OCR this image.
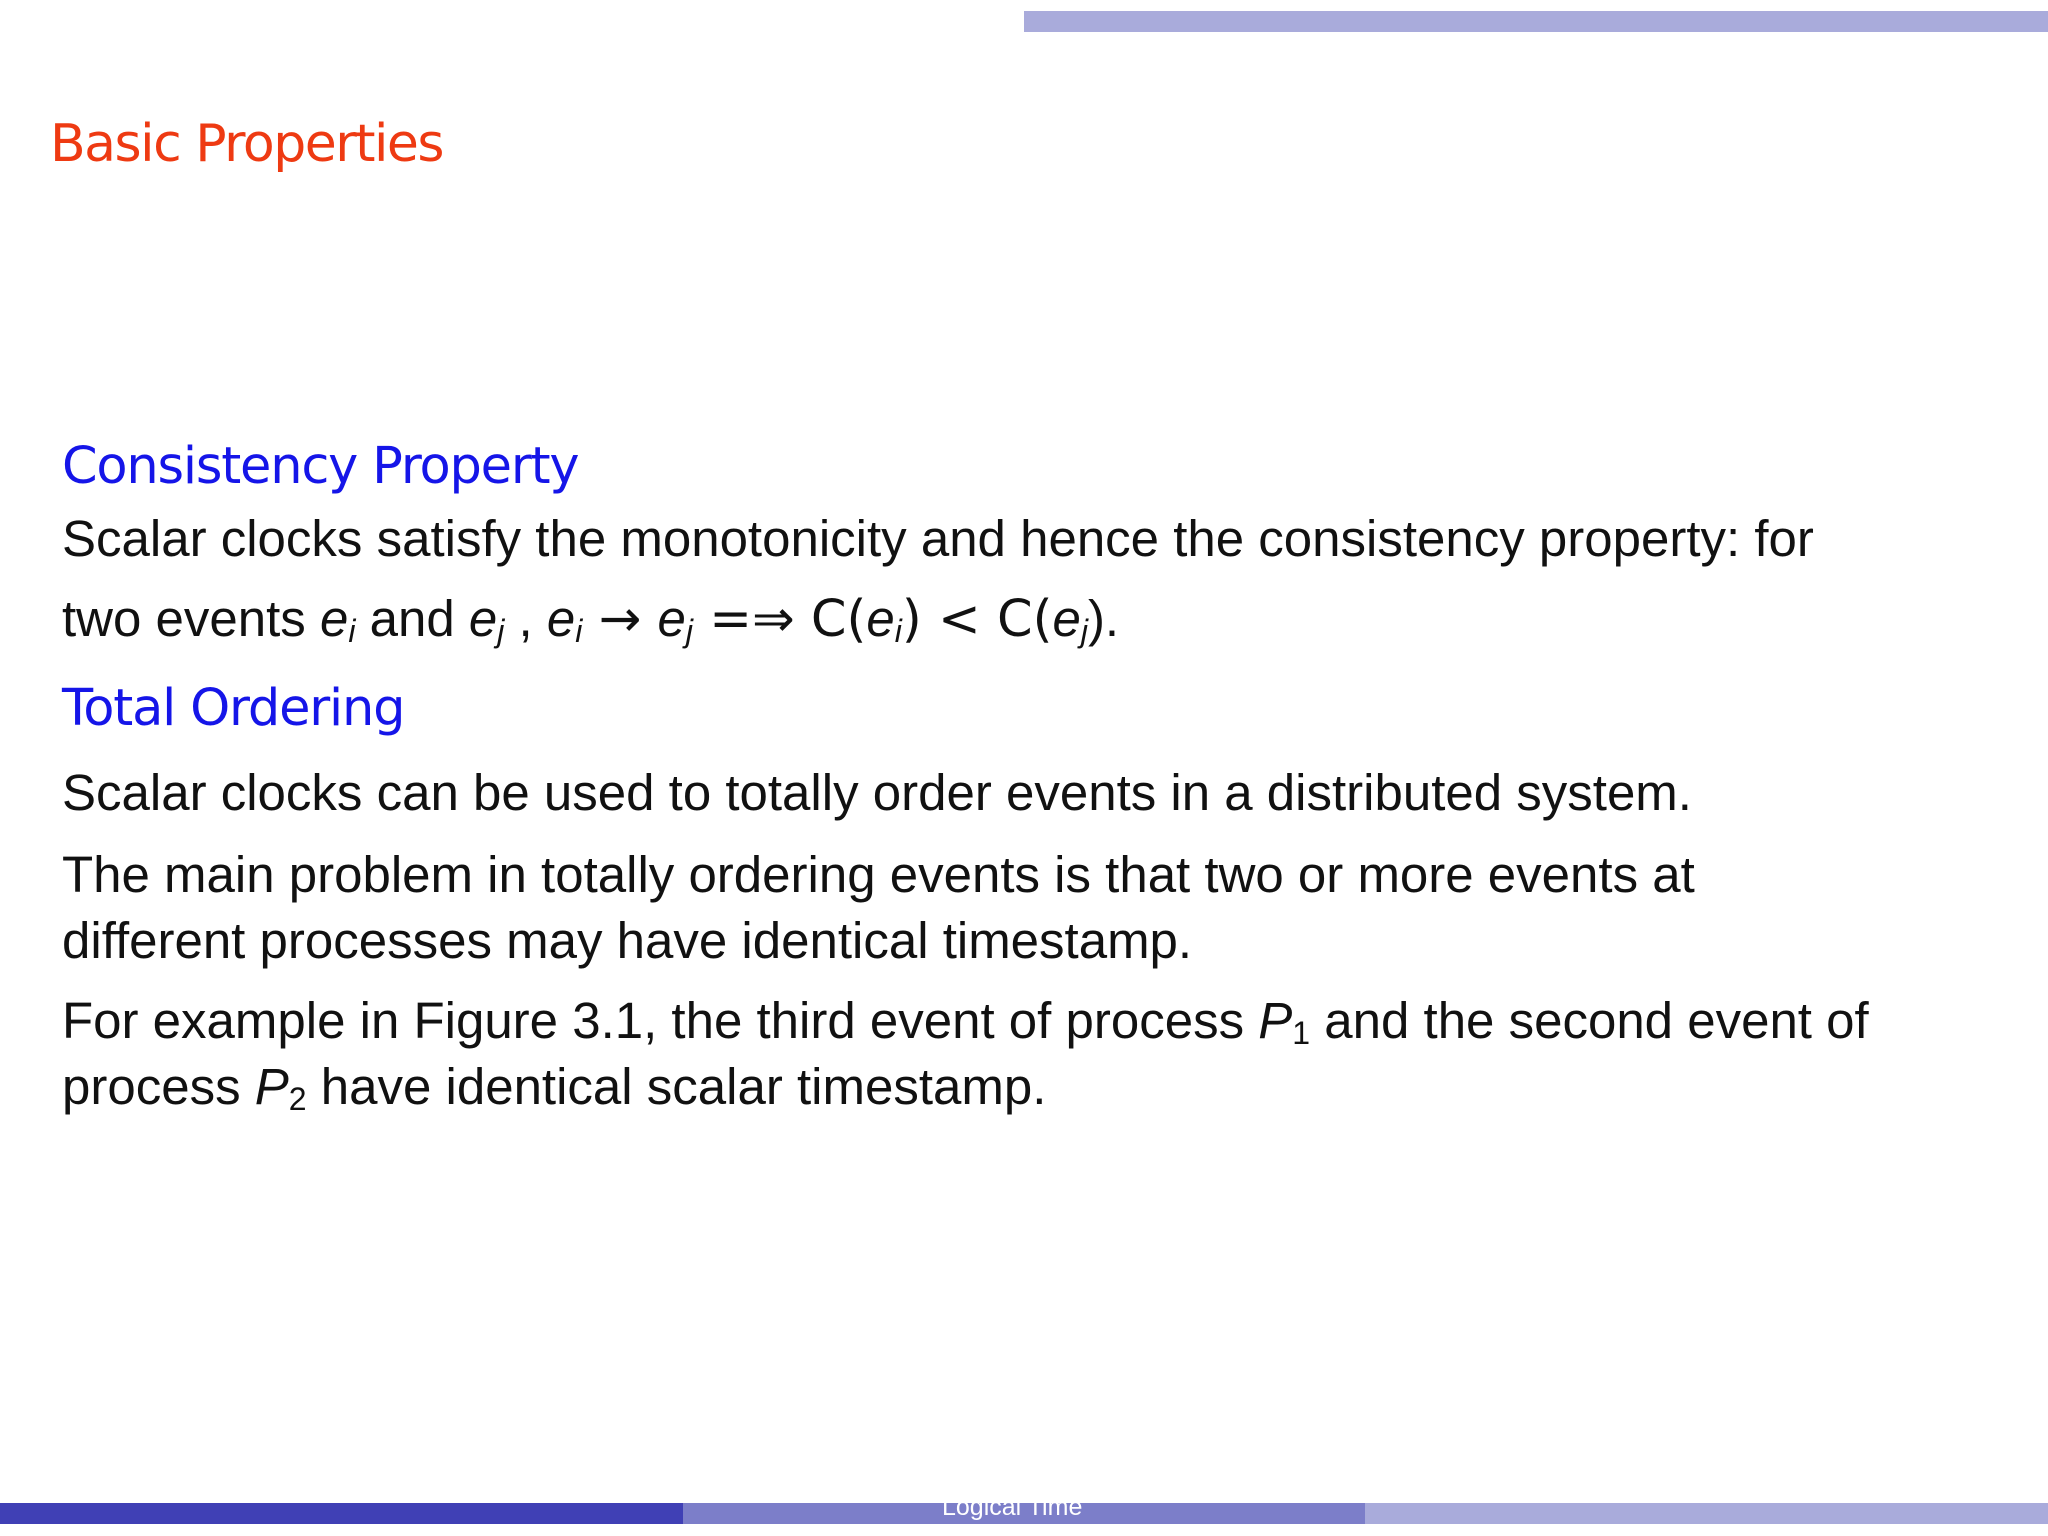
Basic Properties
Consistency Property
Scalar clocks satisfy the monotonicity and hence the consistency property: for
two events $e_i$ and $e_j$ , $e_i \to e_j$ =⇒ $C(e_i) < C(e_j)$.
Total Ordering
Scalar clocks can be used to totally order events in a distributed system.
The main problem in totally ordering events is that two or more events at
different processes may have identical timestamp.
For example in Figure 3.1, the third event of process $P_1$ and the second event of
process $P_2$ have identical scalar timestamp.
Logical Time
